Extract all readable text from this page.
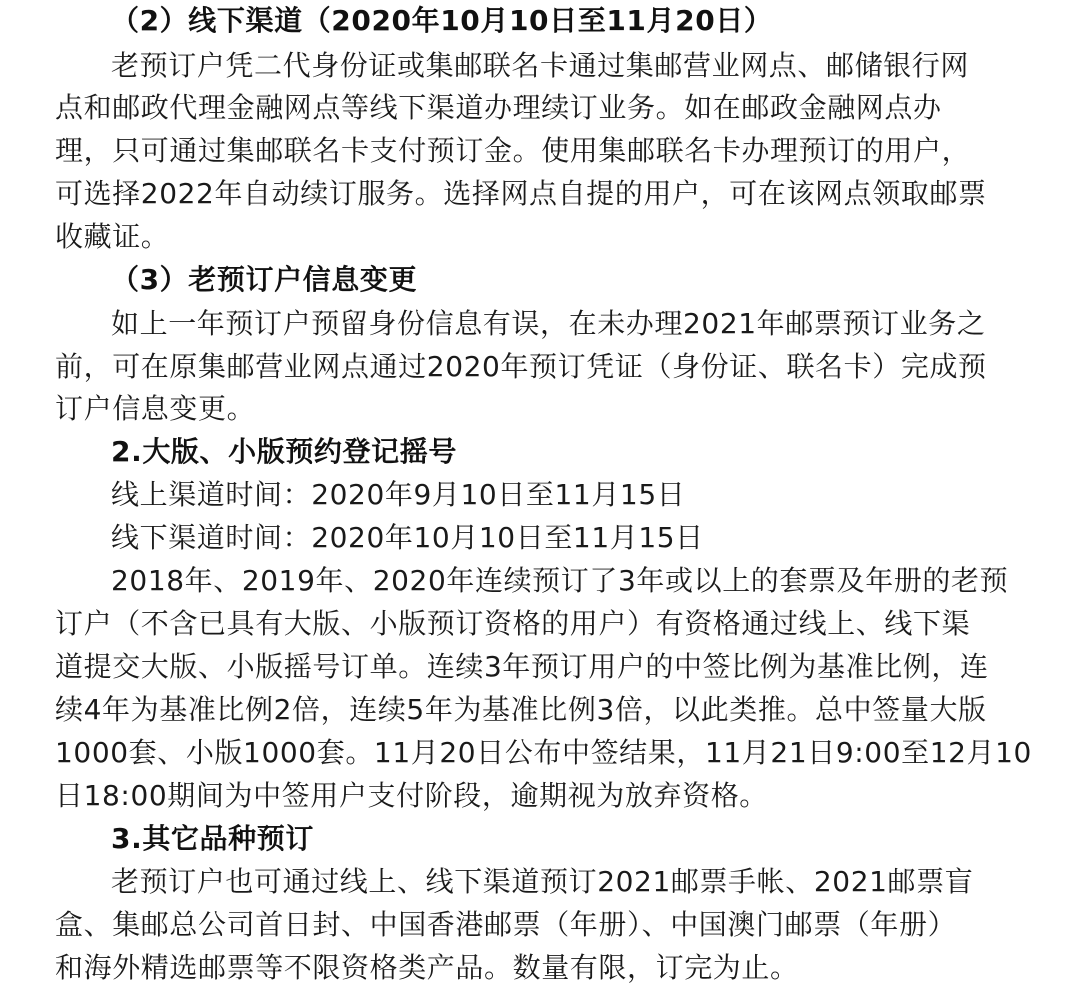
（2）线下渠道（2020年10月10日至11月20日）
老预订户凭二代身份证或集邮联名卡通过集邮营业网点、邮储银行网
点和邮政代理金融网点等线下渠道办理续订业务。如在邮政金融网点办
理，只可通过集邮联名卡支付预订金。使用集邮联名卡办理预订的用户，
可选择2022年自动续订服务。选择网点自提的用户，可在该网点领取邮票
收藏证。
（3）老预订户信息变更
如上一年预订户预留身份信息有误，在未办理2021年邮票预订业务之
前，可在原集邮营业网点通过2020年预订凭证（身份证、联名卡）完成预
订户信息变更。
2.大版、小版预约登记摇号
线上渠道时间：2020年9月10日至11月15日
线下渠道时间：2020年10月10日至11月15日
2018年、2019年、2020年连续预订了3年或以上的套票及年册的老预
订户（不含已具有大版、小版预订资格的用户）有资格通过线上、线下渠
道提交大版、小版摇号订单。连续3年预订用户的中签比例为基准比例，连
续4年为基准比例2倍，连续5年为基准比例3倍，以此类推。总中签量大版
1000套、小版1000套。11月20日公布中签结果，11月21日9:00至12月10
日18:00期间为中签用户支付阶段，逾期视为放弃资格。
3.其它品种预订
老预订户也可通过线上、线下渠道预订2021邮票手帐、2021邮票盲
盒、集邮总公司首日封、中国香港邮票（年册）、中国澳门邮票（年册）
和海外精选邮票等不限资格类产品。数量有限，订完为止。
